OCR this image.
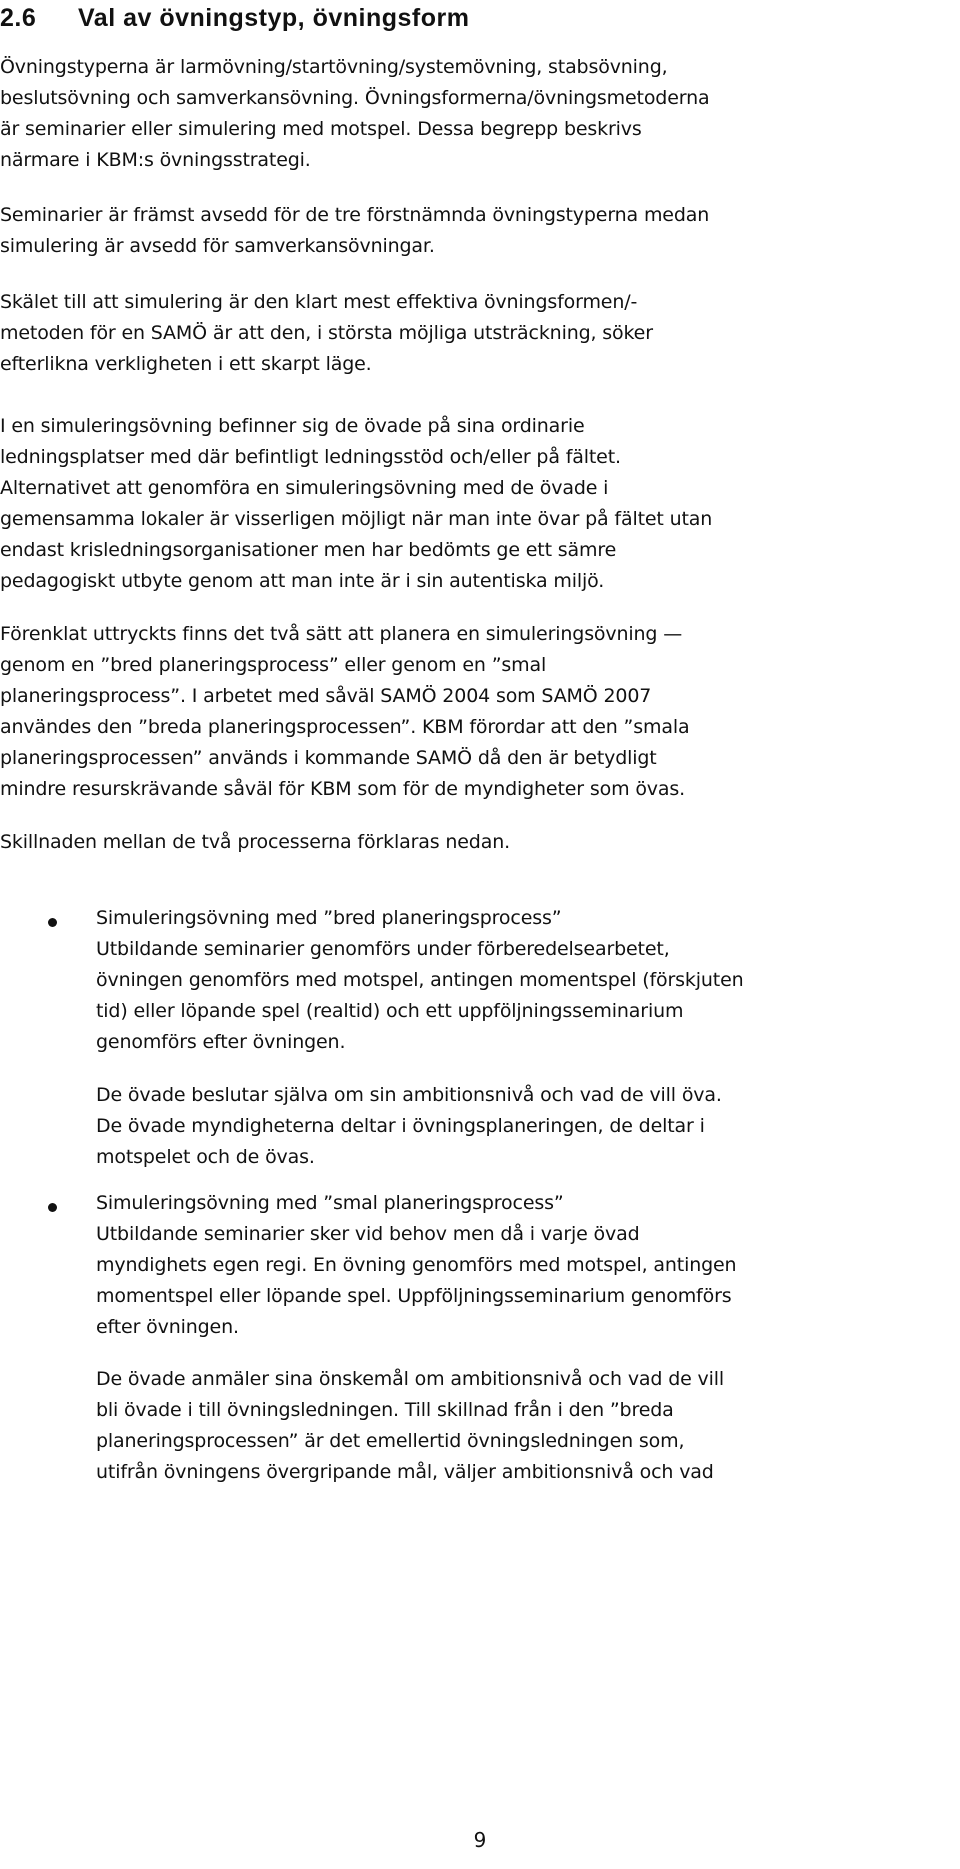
2.6 Val av övningstyp, övningsform

Övningstyperna är larmövning/startövning/systemövning, stabsövning,
beslutsövning och samverkansövning. Övningsformerna/övningsmetoderna
är seminarier eller simulering med motspel. Dessa begrepp beskrivs
närmare i KBM:s övningsstrategi.

Seminarier är främst avsedd för de tre förstnämnda övningstyperna medan
simulering är avsedd för samverkansövningar.

Skälet till att simulering är den klart mest effektiva övningsformen/-
metoden för en SAMÖ är att den, i största möjliga utsträckning, söker
efterlikna verkligheten i ett skarpt läge.

I en simuleringsövning befinner sig de övade på sina ordinarie
ledningsplatser med där befintligt ledningsstöd och/eller på fältet.
Alternativet att genomföra en simuleringsövning med de övade i
gemensamma lokaler är visserligen möjligt när man inte övar på fältet utan
endast krisledningsorganisationer men har bedömts ge ett sämre
pedagogiskt utbyte genom att man inte är i sin autentiska miljö.

Förenklat uttryckts finns det två sätt att planera en simuleringsövning —
genom en ”bred planeringsprocess” eller genom en ”smal
planeringsprocess”. I arbetet med såväl SAMÖ 2004 som SAMÖ 2007
användes den ”breda planeringsprocessen”. KBM förordar att den ”smala
planeringsprocessen” används i kommande SAMÖ då den är betydligt
mindre resurskrävande såväl för KBM som för de myndigheter som övas.

Skillnaden mellan de två processerna förklaras nedan.

Simuleringsövning med ”bred planeringsprocess”
Utbildande seminarier genomförs under förberedelsearbetet,
övningen genomförs med motspel, antingen momentspel (förskjuten
tid) eller löpande spel (realtid) och ett uppföljningsseminarium
genomförs efter övningen.

De övade beslutar själva om sin ambitionsnivå och vad de vill öva.
De övade myndigheterna deltar i övningsplaneringen, de deltar i
motspelet och de övas.

Simuleringsövning med ”smal planeringsprocess”
Utbildande seminarier sker vid behov men då i varje övad
myndighets egen regi. En övning genomförs med motspel, antingen
momentspel eller löpande spel. Uppföljningsseminarium genomförs
efter övningen.

De övade anmäler sina önskemål om ambitionsnivå och vad de vill
bli övade i till övningsledningen. Till skillnad från i den ”breda
planeringsprocessen” är det emellertid övningsledningen som,
utifrån övningens övergripande mål, väljer ambitionsnivå och vad

9
